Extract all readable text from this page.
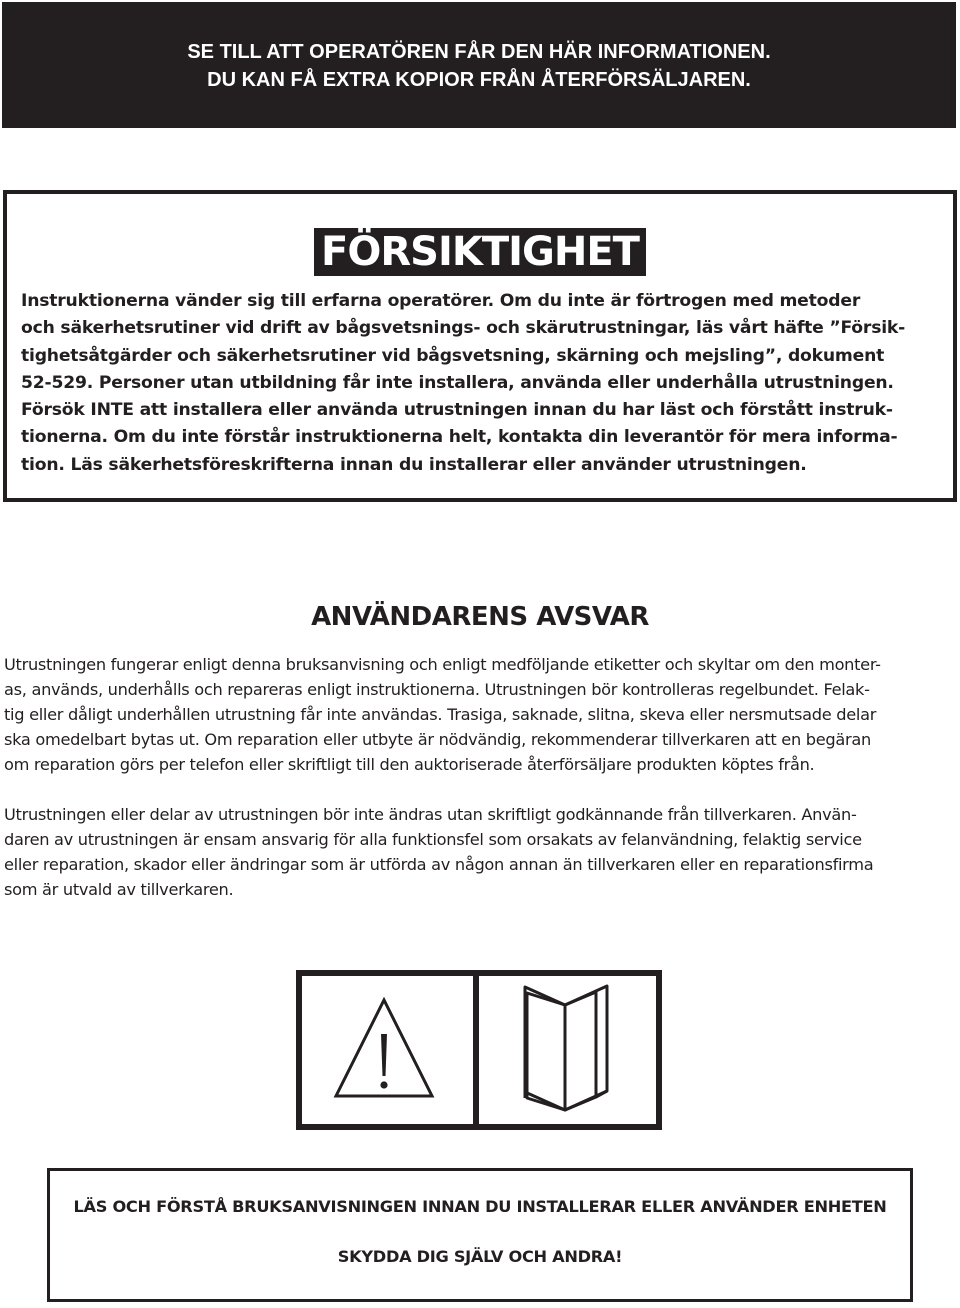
SE TILL ATT OPERATÖREN FÅR DEN HÄR INFORMATIONEN.
DU KAN FÅ EXTRA KOPIOR FRÅN ÅTERFÖRSÄLJAREN.
FÖRSIKTIGHET
Instruktionerna vänder sig till erfarna operatörer. Om du inte är förtrogen med metoder
och säkerhetsrutiner vid drift av bågsvetsnings- och skärutrustningar, läs vårt häfte ”Försik-
tighetsåtgärder och säkerhetsrutiner vid bågsvetsning, skärning och mejsling”, dokument
52-529. Personer utan utbildning får inte installera, använda eller underhålla utrustningen.
Försök INTE att installera eller använda utrustningen innan du har läst och förstått instruk-
tionerna. Om du inte förstår instruktionerna helt, kontakta din leverantör för mera informa-
tion. Läs säkerhetsföreskrifterna innan du installerar eller använder utrustningen.
ANVÄNDARENS AVSVAR
Utrustningen fungerar enligt denna bruksanvisning och enligt medföljande etiketter och skyltar om den monter-
as, används, underhålls och repareras enligt instruktionerna. Utrustningen bör kontrolleras regelbundet. Felak-
tig eller dåligt underhållen utrustning får inte användas. Trasiga, saknade, slitna, skeva eller nersmutsade delar
ska omedelbart bytas ut. Om reparation eller utbyte är nödvändig, rekommenderar tillverkaren att en begäran
om reparation görs per telefon eller skriftligt till den auktoriserade återförsäljare produkten köptes från.
Utrustningen eller delar av utrustningen bör inte ändras utan skriftligt godkännande från tillverkaren. Använ-
daren av utrustningen är ensam ansvarig för alla funktionsfel som orsakats av felanvändning, felaktig service
eller reparation, skador eller ändringar som är utförda av någon annan än tillverkaren eller en reparationsfirma
som är utvald av tillverkaren.
LÄS OCH FÖRSTÅ BRUKSANVISNINGEN INNAN DU INSTALLERAR ELLER ANVÄNDER ENHETEN
SKYDDA DIG SJÄLV OCH ANDRA!
